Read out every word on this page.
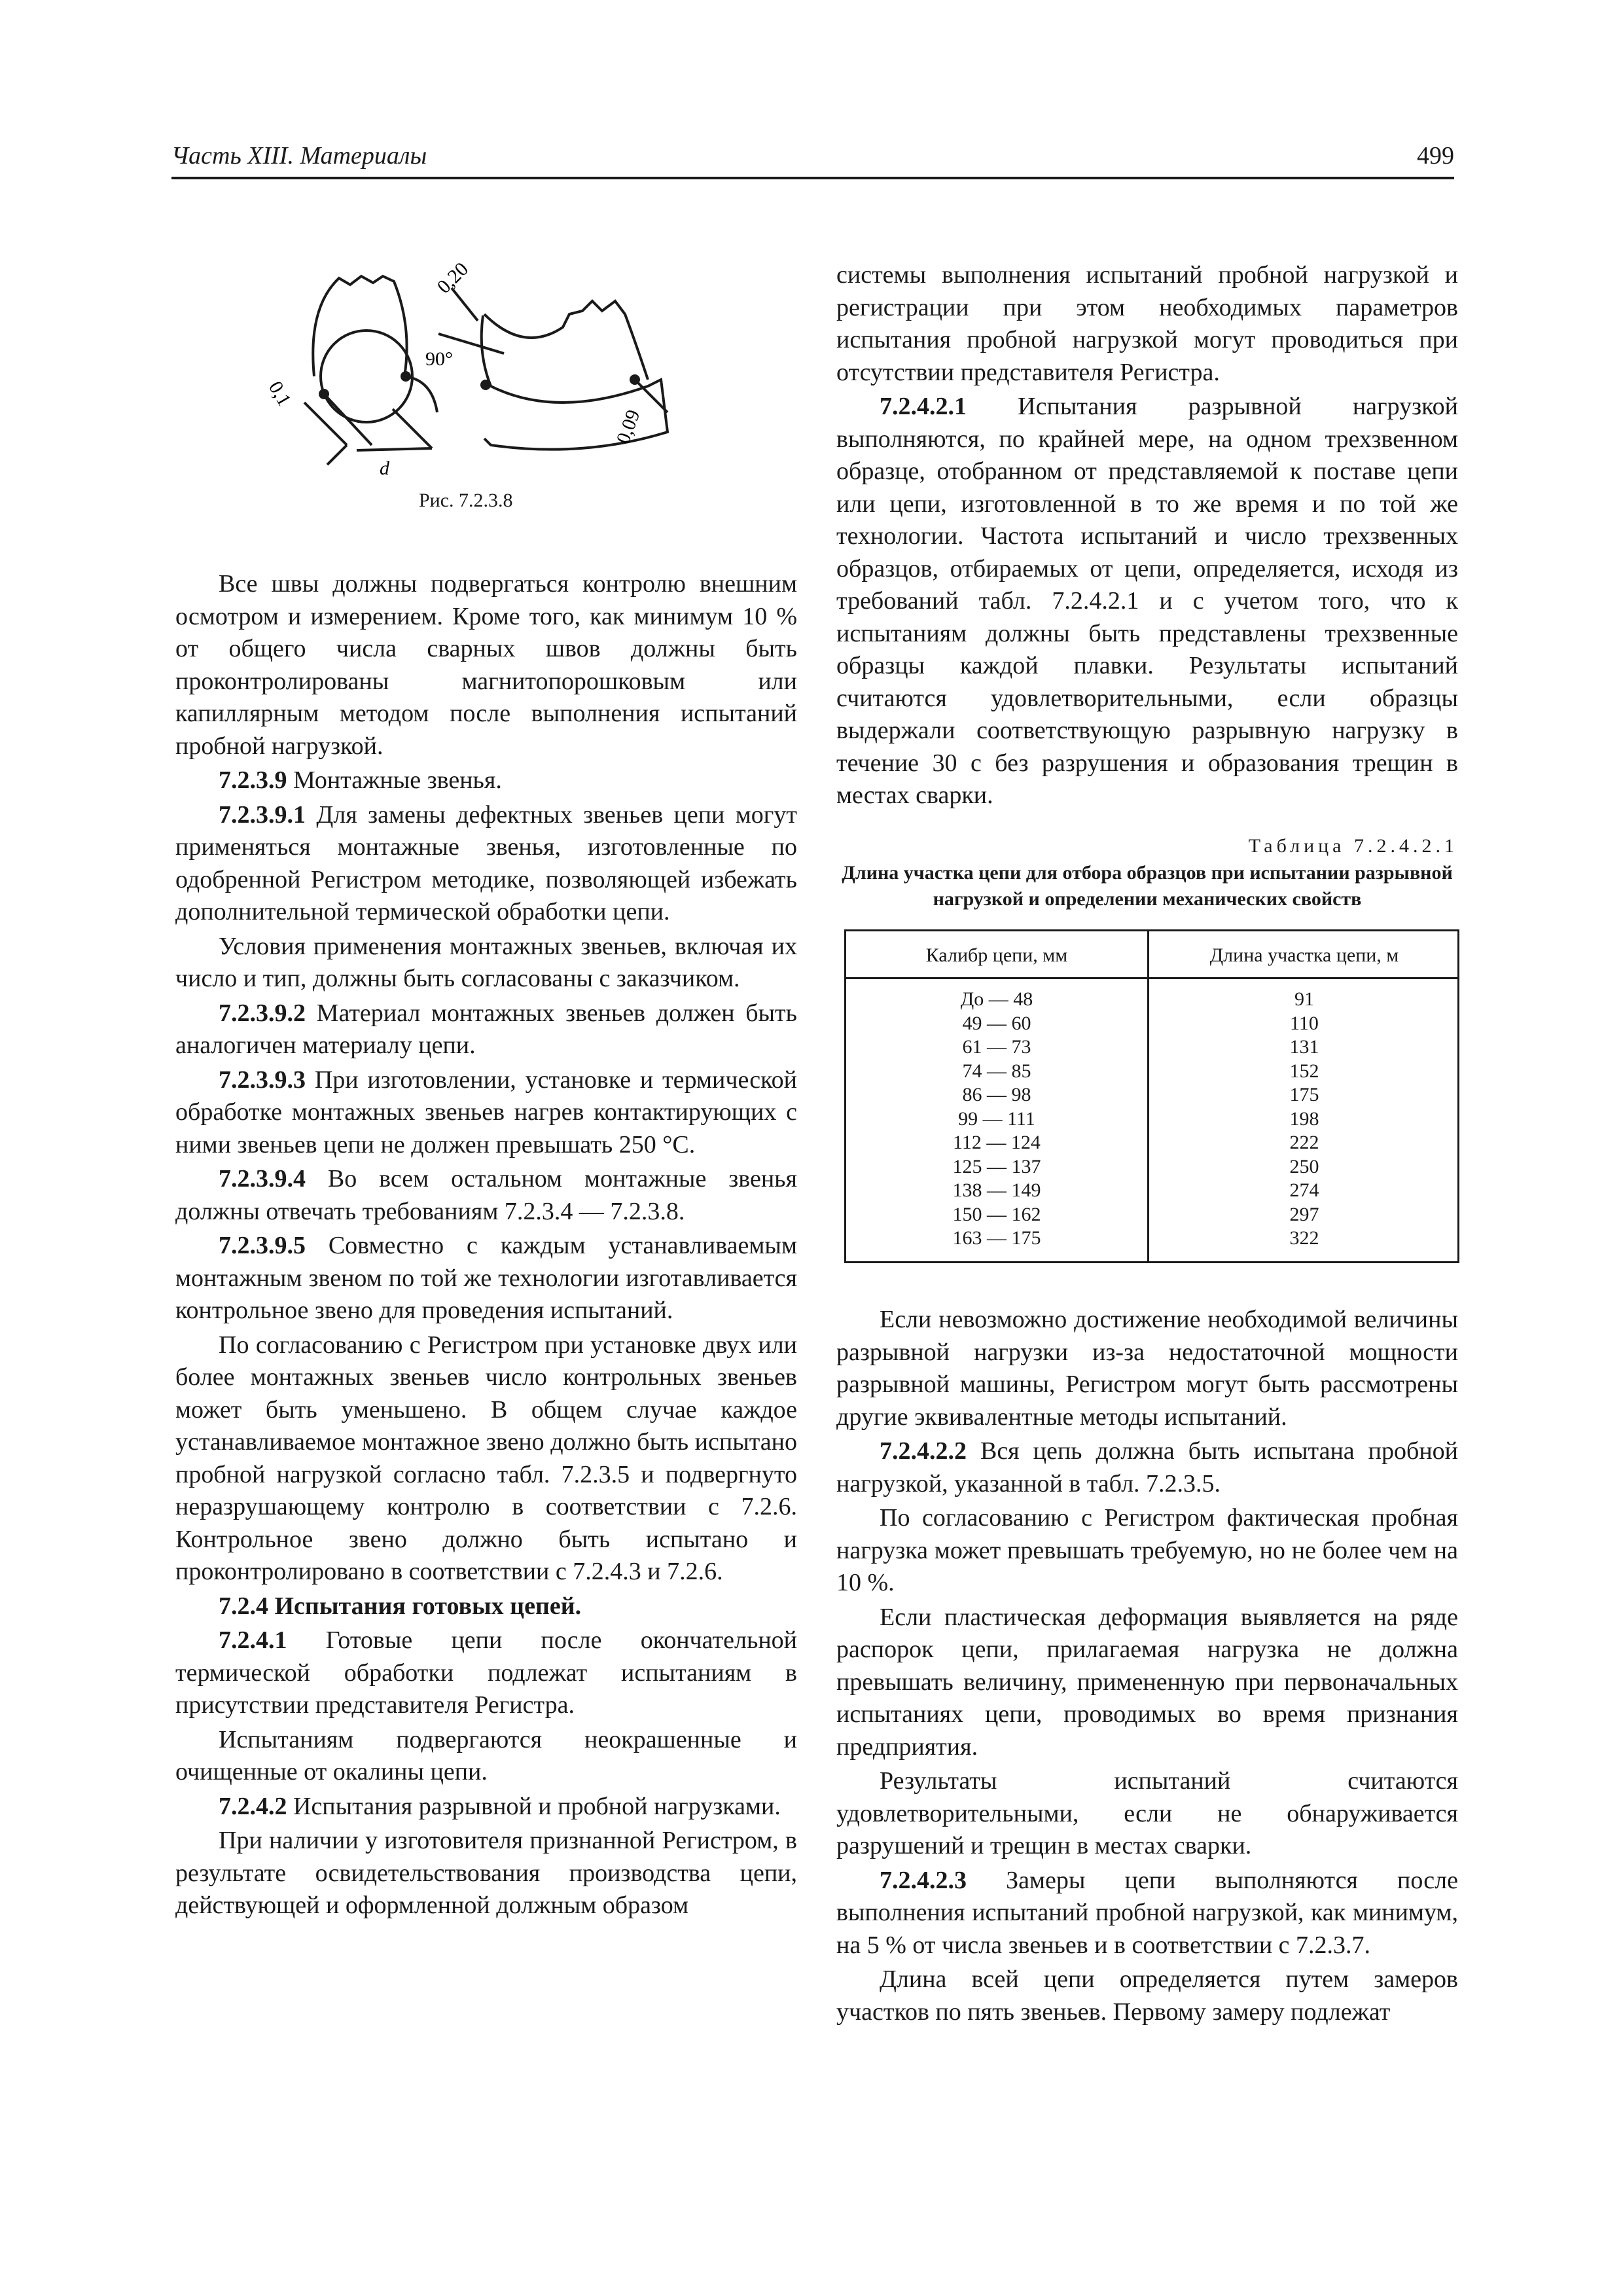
Часть XIII. Материалы	499
0,1
0,20
0,09
90°
d
Рис. 7.2.3.8

Все швы должны подвергаться контролю внешним осмотром и измерением. Кроме того, как минимум 10 % от общего числа сварных швов должны быть проконтролированы магнитопорошковым или капиллярным методом после выполнения испытаний пробной нагрузкой.

7.2.3.9 Монтажные звенья.

7.2.3.9.1 Для замены дефектных звеньев цепи могут применяться монтажные звенья, изготовленные по одобренной Регистром методике, позволяющей избежать дополнительной термической обработки цепи.

Условия применения монтажных звеньев, включая их число и тип, должны быть согласованы с заказчиком.

7.2.3.9.2 Материал монтажных звеньев должен быть аналогичен материалу цепи.

7.2.3.9.3 При изготовлении, установке и термической обработке монтажных звеньев нагрев контактирующих с ними звеньев цепи не должен превышать 250 °С.

7.2.3.9.4 Во всем остальном монтажные звенья должны отвечать требованиям 7.2.3.4 — 7.2.3.8.

7.2.3.9.5 Совместно с каждым устанавливаемым монтажным звеном по той же технологии изготавливается контрольное звено для проведения испытаний.

По согласованию с Регистром при установке двух или более монтажных звеньев число контрольных звеньев может быть уменьшено. В общем случае каждое устанавливаемое монтажное звено должно быть испытано пробной нагрузкой согласно табл. 7.2.3.5 и подвергнуто неразрушающему контролю в соответствии с 7.2.6. Контрольное звено должно быть испытано и проконтролировано в соответствии с 7.2.4.3 и 7.2.6.

7.2.4 Испытания готовых цепей.

7.2.4.1 Готовые цепи после окончательной термической обработки подлежат испытаниям в присутствии представителя Регистра.

Испытаниям подвергаются неокрашенные и очищенные от окалины цепи.

7.2.4.2 Испытания разрывной и пробной нагрузками.

При наличии у изготовителя признанной Регистром, в результате освидетельствования производства цепи, действующей и оформленной должным образом

системы выполнения испытаний пробной нагрузкой и регистрации при этом необходимых параметров испытания пробной нагрузкой могут проводиться при отсутствии представителя Регистра.

7.2.4.2.1 Испытания разрывной нагрузкой выполняются, по крайней мере, на одном трехзвенном образце, отобранном от представляемой к поставе цепи или цепи, изготовленной в то же время и по той же технологии. Частота испытаний и число трехзвенных образцов, отбираемых от цепи, определяется, исходя из требований табл. 7.2.4.2.1 и с учетом того, что к испытаниям должны быть представлены трехзвенные образцы каждой плавки. Результаты испытаний считаются удовлетворительными, если образцы выдержали соответствующую разрывную нагрузку в течение 30 с без разрушения и образования трещин в местах сварки.

Таблица 7.2.4.2.1
Длина участка цепи для отбора образцов при испытании разрывной нагрузкой и определении механических свойств
Калибр цепи, мм	Длина участка цепи, м
До — 48
49 — 60
61 — 73
74 — 85
86 — 98
99 — 111
112 — 124
125 — 137
138 — 149
150 — 162
163 — 175
91
110
131
152
175
198
222
250
274
297
322

Если невозможно достижение необходимой величины разрывной нагрузки из-за недостаточной мощности разрывной машины, Регистром могут быть рассмотрены другие эквивалентные методы испытаний.

7.2.4.2.2 Вся цепь должна быть испытана пробной нагрузкой, указанной в табл. 7.2.3.5.

По согласованию с Регистром фактическая пробная нагрузка может превышать требуемую, но не более чем на 10 %.

Если пластическая деформация выявляется на ряде распорок цепи, прилагаемая нагрузка не должна превышать величину, примененную при первоначальных испытаниях цепи, проводимых во время признания предприятия.

Результаты испытаний считаются удовлетворительными, если не обнаруживается разрушений и трещин в местах сварки.

7.2.4.2.3 Замеры цепи выполняются после выполнения испытаний пробной нагрузкой, как минимум, на 5 % от числа звеньев и в соответствии с 7.2.3.7.

Длина всей цепи определяется путем замеров участков по пять звеньев. Первому замеру подлежат
